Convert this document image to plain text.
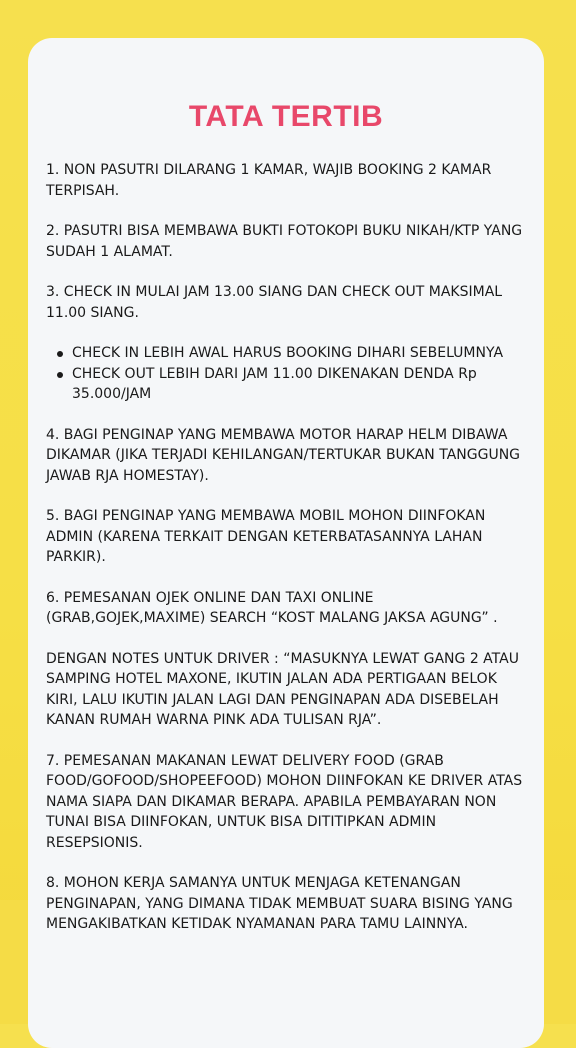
TATA TERTIB

1. NON PASUTRI DILARANG 1 KAMAR, WAJIB BOOKING 2 KAMAR TERPISAH.

2. PASUTRI BISA MEMBAWA BUKTI FOTOKOPI BUKU NIKAH/KTP YANG SUDAH 1 ALAMAT.

3. CHECK IN MULAI JAM 13.00 SIANG DAN CHECK OUT MAKSIMAL 11.00 SIANG.

CHECK IN LEBIH AWAL HARUS BOOKING DIHARI SEBELUMNYA
CHECK OUT LEBIH DARI JAM 11.00 DIKENAKAN DENDA Rp 35.000/JAM

4. BAGI PENGINAP YANG MEMBAWA MOTOR HARAP HELM DIBAWA DIKAMAR (JIKA TERJADI KEHILANGAN/TERTUKAR BUKAN TANGGUNG JAWAB RJA HOMESTAY).

5. BAGI PENGINAP YANG MEMBAWA MOBIL MOHON DIINFOKAN ADMIN (KARENA TERKAIT DENGAN KETERBATASANNYA LAHAN PARKIR).

6. PEMESANAN OJEK ONLINE DAN TAXI ONLINE (GRAB,GOJEK,MAXIME) SEARCH “KOST MALANG JAKSA AGUNG” .

DENGAN NOTES UNTUK DRIVER : “MASUKNYA LEWAT GANG 2 ATAU SAMPING HOTEL MAXONE, IKUTIN JALAN ADA PERTIGAAN BELOK KIRI, LALU IKUTIN JALAN LAGI DAN PENGINAPAN ADA DISEBELAH KANAN RUMAH WARNA PINK ADA TULISAN RJA”.

7. PEMESANAN MAKANAN LEWAT DELIVERY FOOD (GRAB FOOD/GOFOOD/SHOPEEFOOD) MOHON DIINFOKAN KE DRIVER ATAS NAMA SIAPA DAN DIKAMAR BERAPA. APABILA PEMBAYARAN NON TUNAI BISA DIINFOKAN, UNTUK BISA DITITIPKAN ADMIN RESEPSIONIS.

8. MOHON KERJA SAMANYA UNTUK MENJAGA KETENANGAN PENGINAPAN, YANG DIMANA TIDAK MEMBUAT SUARA BISING YANG MENGAKIBATKAN KETIDAK NYAMANAN PARA TAMU LAINNYA.
